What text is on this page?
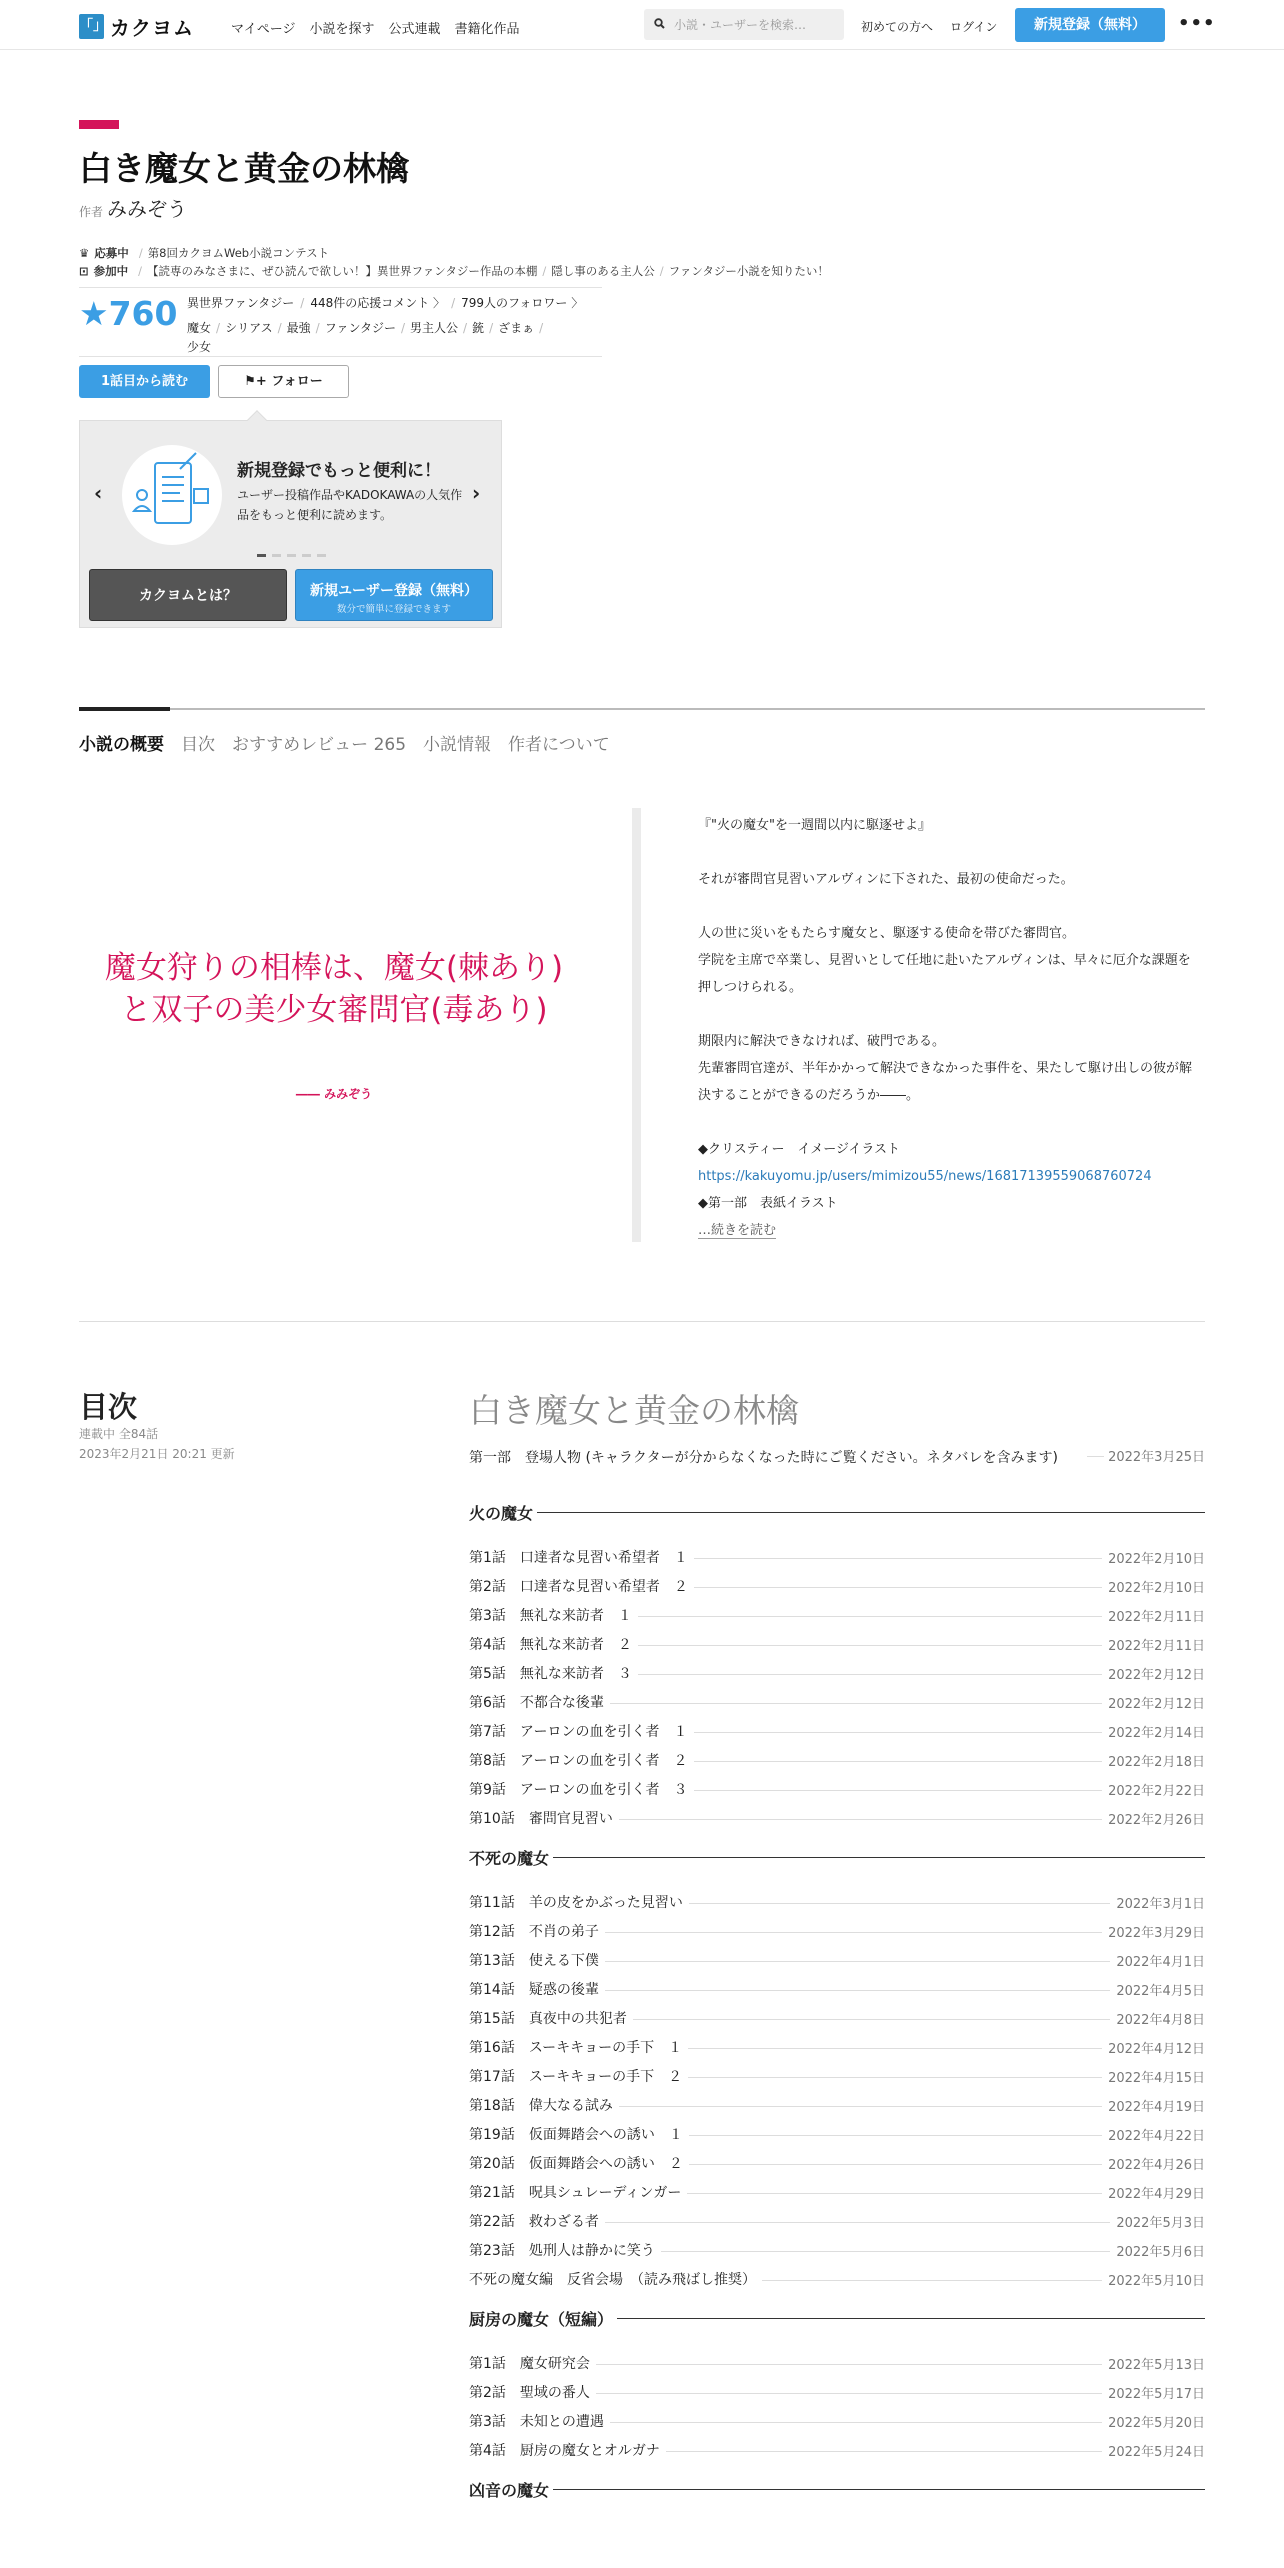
「」 カクヨム	マイページ 小説を探す 公式連載 書籍化作品	小説・ユーザーを検索…	初めての方へ ログイン	新規登録（無料）	•••
白き魔女と黄金の林檎
作者 みみぞう
♛ 応募中 / 第8回カクヨムWeb小説コンテスト
⊡ 参加中 / 【読専のみなさまに、ぜひ読んで欲しい！】異世界ファンタジー作品の本棚 / 隠し事のある主人公 / ファンタジー小説を知りたい！
★760 異世界ファンタジー / 448件の応援コメント 〉 / 799人のフォロワー 〉
魔女 / シリアス / 最強 / ファンタジー / 男主人公 / 銃 / ざまぁ /
少女
1話目から読む	⚑+ フォロー
‹	›
新規登録でもっと便利に！
ユーザー投稿作品やKADOKAWAの人気作品をもっと便利に読めます。
カクヨムとは？	新規ユーザー登録（無料）
数分で簡単に登録できます
小説の概要 目次 おすすめレビュー 265 小説情報 作者について
魔女狩りの相棒は、魔女(棘あり)と双子の美少女審問官(毒あり)
―― みみぞう

『"火の魔女"を一週間以内に駆逐せよ』

それが審問官見習いアルヴィンに下された、最初の使命だった。

人の世に災いをもたらす魔女と、駆逐する使命を帯びた審問官。

学院を主席で卒業し、見習いとして任地に赴いたアルヴィンは、早々に厄介な課題を押しつけられる。

期限内に解決できなければ、破門である。

先輩審問官達が、半年かかって解決できなかった事件を、果たして駆け出しの彼が解決することができるのだろうか――。

◆クリスティー　イメージイラスト

https://kakuyomu.jp/users/mimizou55/news/16817139559068760724

◆第一部　表紙イラスト

…続きを読む

目次
連載中 全84話
2023年2月21日 20:21 更新
白き魔女と黄金の林檎
第一部　登場人物 (キャラクターが分からなくなった時にご覧ください。ネタバレを含みます)	2022年3月25日
火の魔女
第1話　口達者な見習い希望者　１	2022年2月10日
第2話　口達者な見習い希望者　２	2022年2月10日
第3話　無礼な来訪者　１	2022年2月11日
第4話　無礼な来訪者　２	2022年2月11日
第5話　無礼な来訪者　３	2022年2月12日
第6話　不都合な後輩	2022年2月12日
第7話　アーロンの血を引く者　１	2022年2月14日
第8話　アーロンの血を引く者　２	2022年2月18日
第9話　アーロンの血を引く者　３	2022年2月22日
第10話　審問官見習い	2022年2月26日
不死の魔女
第11話　羊の皮をかぶった見習い	2022年3月1日
第12話　不肖の弟子	2022年3月29日
第13話　使える下僕	2022年4月1日
第14話　疑惑の後輩	2022年4月5日
第15話　真夜中の共犯者	2022年4月8日
第16話　スーキキョーの手下　１	2022年4月12日
第17話　スーキキョーの手下　２	2022年4月15日
第18話　偉大なる試み	2022年4月19日
第19話　仮面舞踏会への誘い　１	2022年4月22日
第20話　仮面舞踏会への誘い　２	2022年4月26日
第21話　呪具シュレーディンガー	2022年4月29日
第22話　救わざる者	2022年5月3日
第23話　処刑人は静かに笑う	2022年5月6日
不死の魔女編　反省会場　（読み飛ばし推奨）	2022年5月10日
厨房の魔女（短編）
第1話　魔女研究会	2022年5月13日
第2話　聖域の番人	2022年5月17日
第3話　未知との遭遇	2022年5月20日
第4話　厨房の魔女とオルガナ	2022年5月24日
凶音の魔女
